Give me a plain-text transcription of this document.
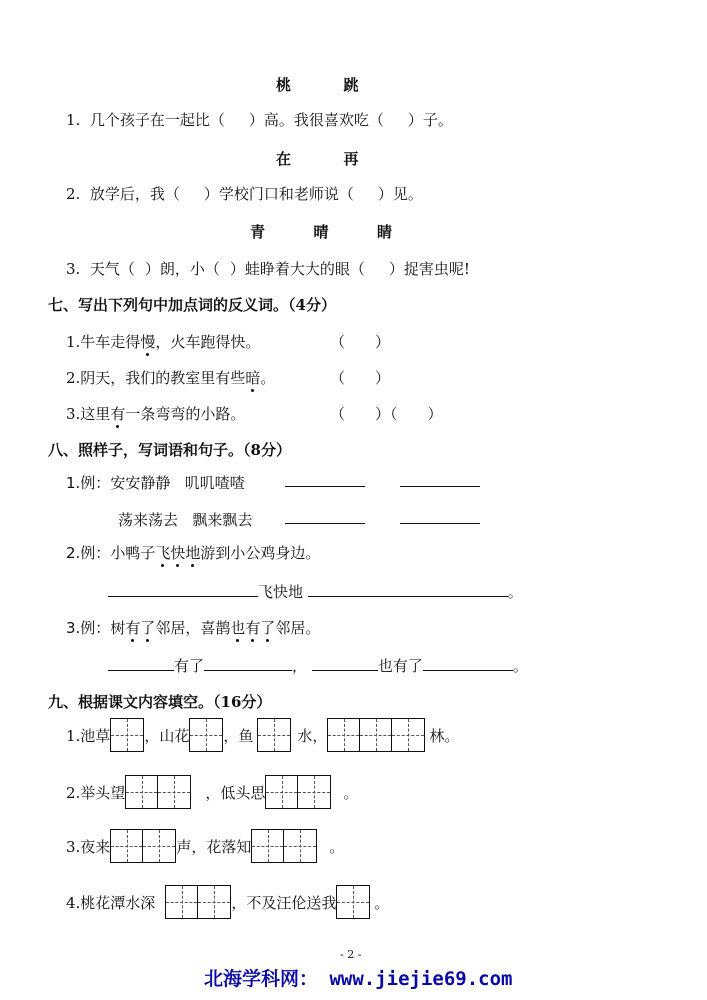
桃	跳
1. 几个孩子在一起比（ ）高。我很喜欢吃（ ）子。
在	再
2. 放学后，我（ ）学校门口和老师说（ ）见。
青	晴	睛
3. 天气（ ）朗，小（ ）蛙睁着大大的眼（ ）捉害虫呢!
七、写出下列句中加点词的反义词。（4分）
1.牛车走得慢，火车跑得快。	（　　）
2.阴天，我们的教室里有些暗。	（　　）
3.这里有一条弯弯的小路。	（　　）（　　）
八、照样子，写词语和句子。（8分）
1.例：安安静静 叽叽喳喳
荡来荡去 飘来飘去
2.例：小鸭子飞快地游到小公鸡身边。
飞快地	。
3.例：树有了邻居，喜鹊也有了邻居。
有了	，	也有了	。
九、根据课文内容填空。（16分）
1.池草 ，山花 ，鱼	水，	林。
2.举头望	，低头思	。
3.夜来	声，花落知	。
4.桃花潭水深	，不及汪伦送我	。
- 2 -
北海学科网： www.jiejie69.com
